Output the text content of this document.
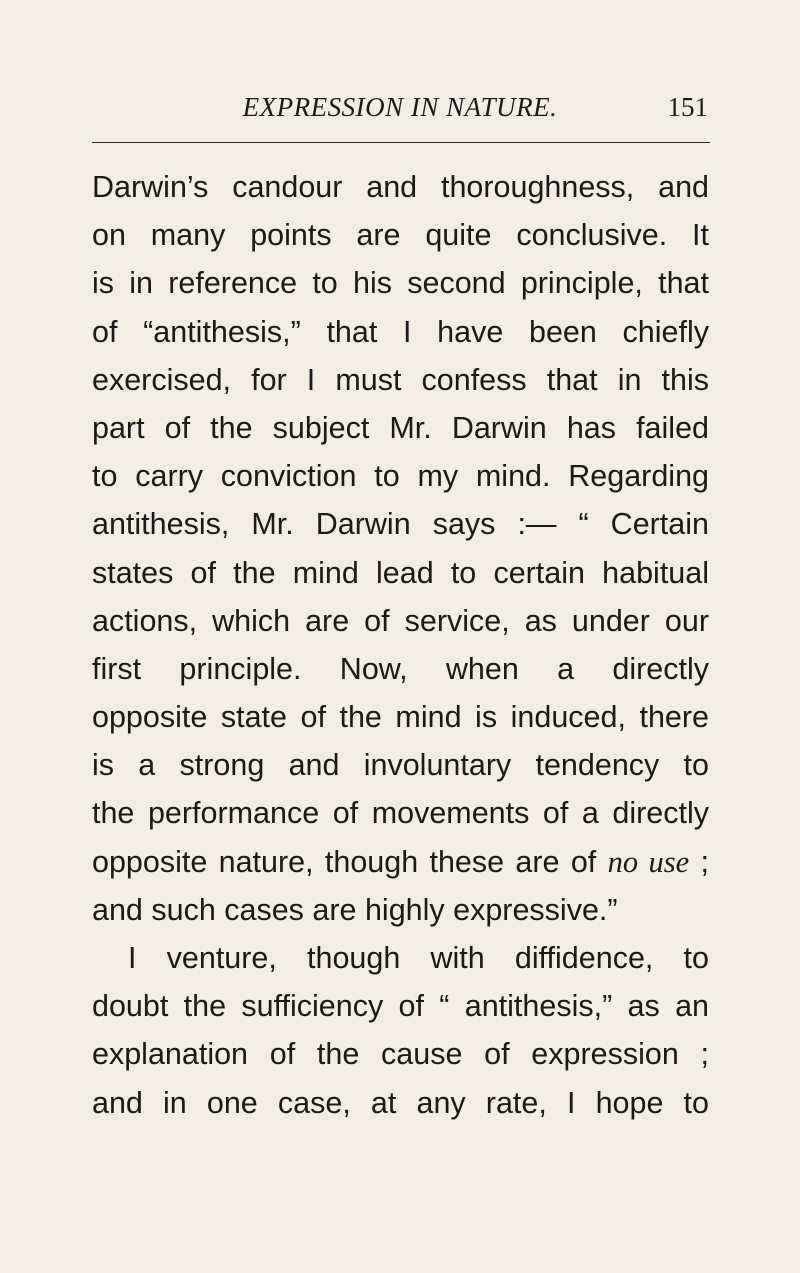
EXPRESSION IN NATURE.	151
Darwin’s candour and thoroughness, and
on many points are quite conclusive. It
is in reference to his second principle, that
of “antithesis,” that I have been chiefly
exercised, for I must confess that in this
part of the subject Mr. Darwin has failed
to carry conviction to my mind. Regarding
antithesis, Mr. Darwin says :— “ Certain
states of the mind lead to certain habitual
actions, which are of service, as under our
first principle. Now, when a directly
opposite state of the mind is induced, there
is a strong and involuntary tendency to
the performance of movements of a directly
opposite nature, though these are of no use ;
and such cases are highly expressive.”
I venture, though with diffidence, to
doubt the sufficiency of “ antithesis,” as an
explanation of the cause of expression ;
and in one case, at any rate, I hope to
